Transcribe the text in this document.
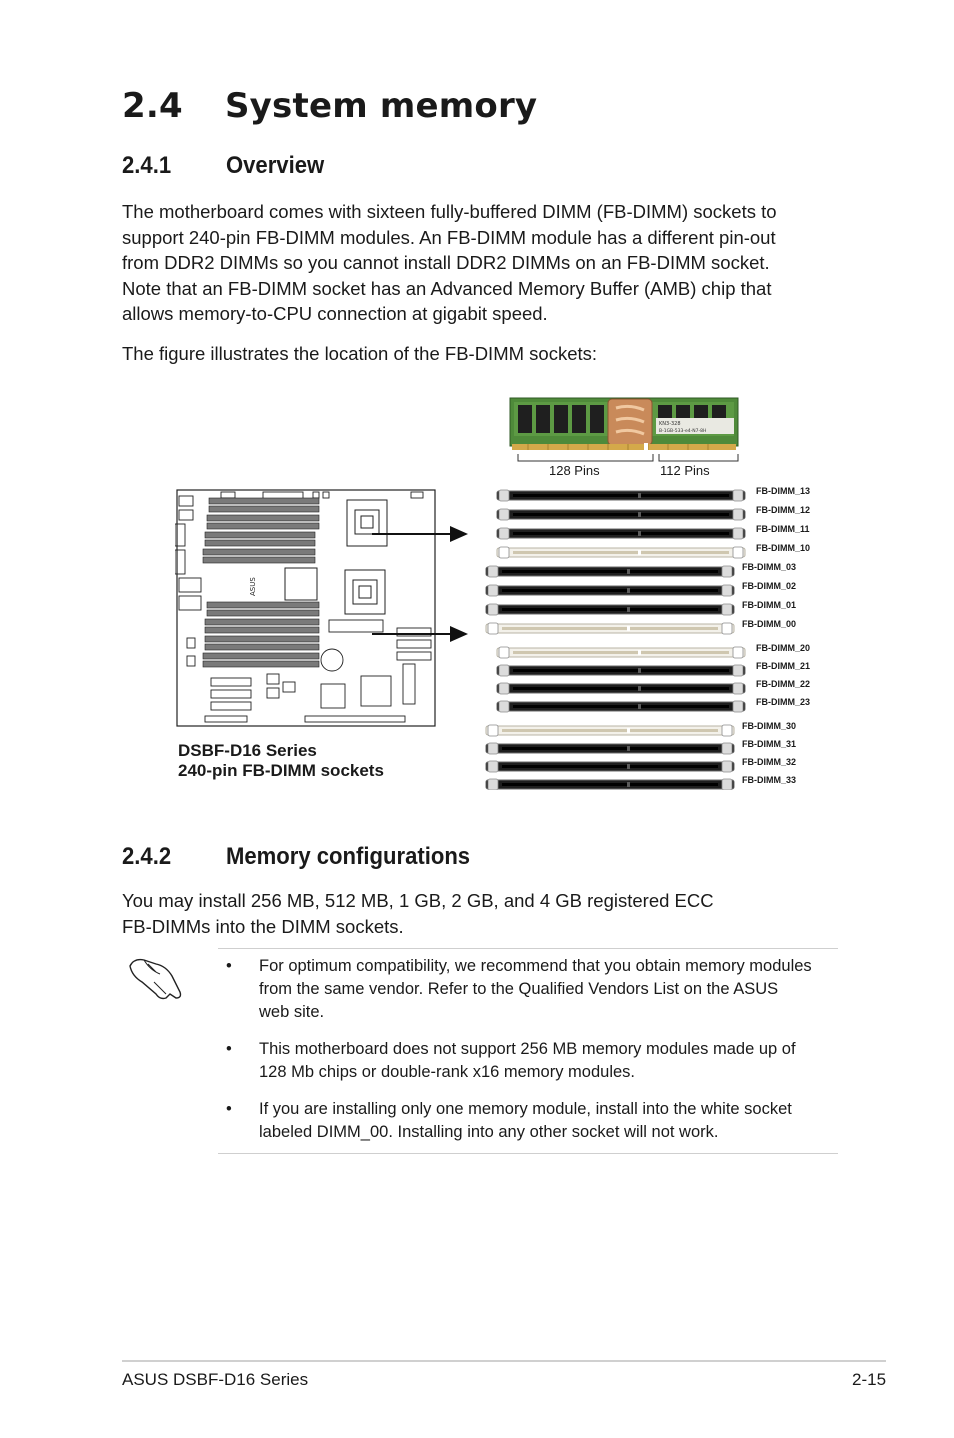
2.4 System memory
2.4.1 Overview

The motherboard comes with sixteen fully-buffered DIMM (FB-DIMM) sockets to
support 240-pin FB-DIMM modules. An FB-DIMM module has a different pin-out
from DDR2 DIMMs so you cannot install DDR2 DIMMs on an FB-DIMM socket.
Note that an FB-DIMM socket has an Advanced Memory Buffer (AMB) chip that
allows memory-to-CPU connection at gigabit speed.

The figure illustrates the location of the FB-DIMM sockets:

KN3-328
B-1GB-533-e4-N7-8H
128 Pins	112 Pins
ASUS
FB-DIMM_13
FB-DIMM_12
FB-DIMM_11
FB-DIMM_10
FB-DIMM_03
FB-DIMM_02
FB-DIMM_01
FB-DIMM_00
FB-DIMM_20
FB-DIMM_21
FB-DIMM_22
FB-DIMM_23
FB-DIMM_30
FB-DIMM_31
FB-DIMM_32
FB-DIMM_33
DSBF-D16 Series
240-pin FB-DIMM sockets
2.4.2 Memory configurations

You may install 256 MB, 512 MB, 1 GB, 2 GB, and 4 GB registered ECC
FB-DIMMs into the DIMM sockets.

• For optimum compatibility, we recommend that you obtain memory modules
from the same vendor. Refer to the Qualified Vendors List on the ASUS
web site.
• This motherboard does not support 256 MB memory modules made up of
128 Mb chips or double-rank x16 memory modules.
• If you are installing only one memory module, install into the white socket
labeled DIMM_00. Installing into any other socket will not work.
ASUS DSBF-D16 Series	2-15
